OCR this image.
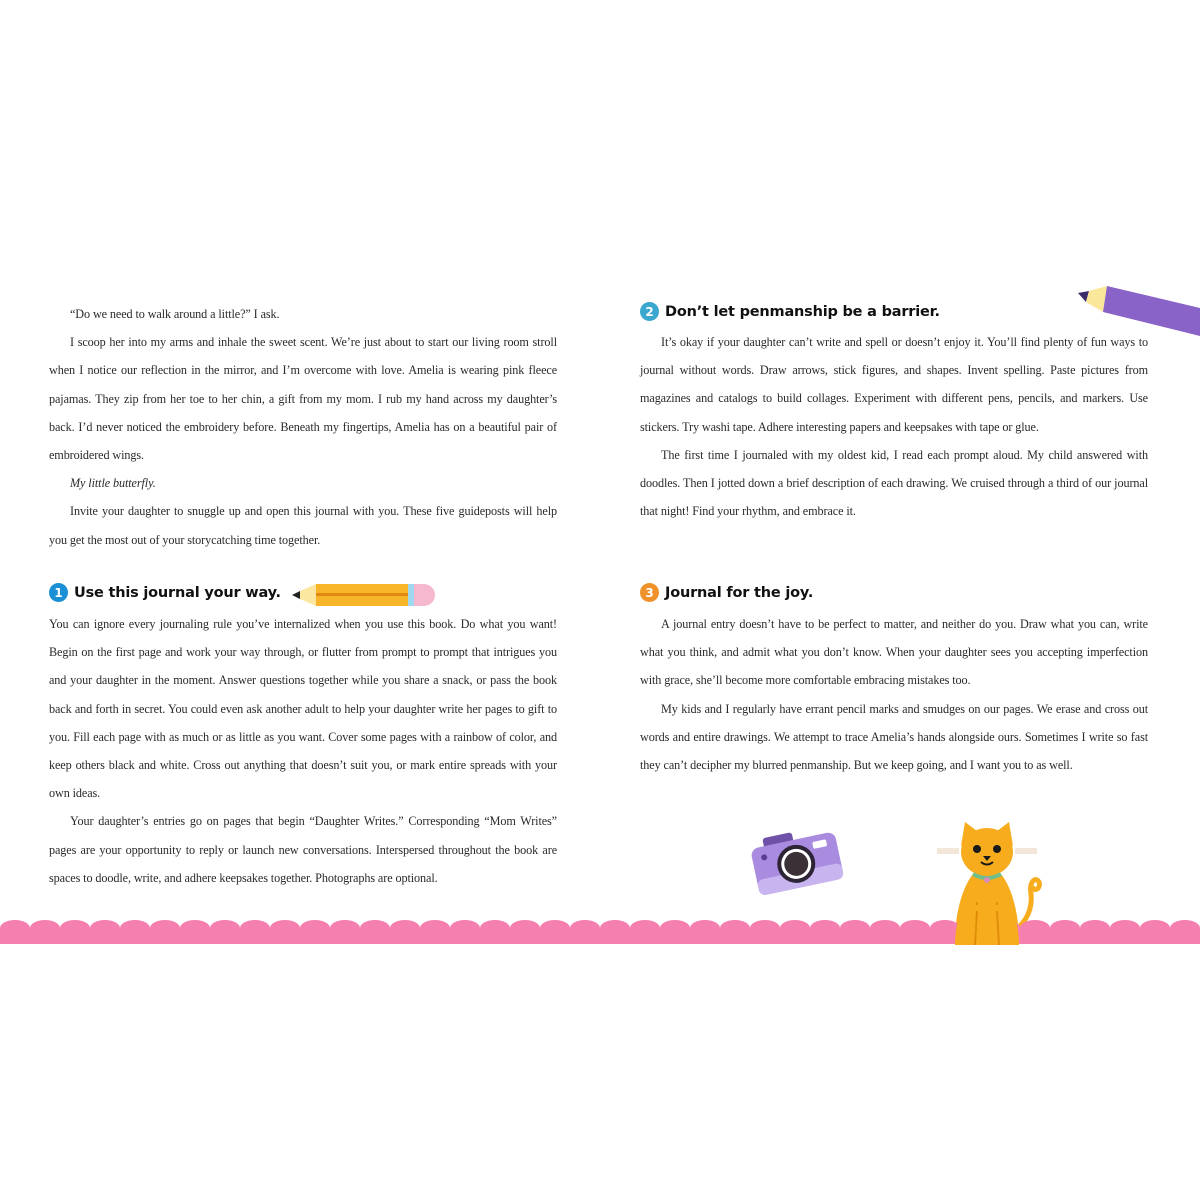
“Do we need to walk around a little?” I ask.

I scoop her into my arms and inhale the sweet scent. We’re just about to start our living room stroll when I notice our reflection in the mirror, and I’m overcome with love. Amelia is wearing pink fleece pajamas. They zip from her toe to her chin, a gift from my mom. I rub my hand across my daughter’s back. I’d never noticed the embroidery before. Beneath my fingertips, Amelia has on a beautiful pair of embroidered wings.

My little butterfly.

Invite your daughter to snuggle up and open this journal with you. These five guideposts will help you get the most out of your storycatching time together.

1 Use this journal your way.

You can ignore every journaling rule you’ve internalized when you use this book. Do what you want! Begin on the first page and work your way through, or flutter from prompt to prompt that intrigues you and your daughter in the moment. Answer questions together while you share a snack, or pass the book back and forth in secret. You could even ask another adult to help your daughter write her pages to gift to you. Fill each page with as much or as little as you want. Cover some pages with a rainbow of color, and keep others black and white. Cross out anything that doesn’t suit you, or mark entire spreads with your own ideas.

Your daughter’s entries go on pages that begin “Daughter Writes.” Corresponding “Mom Writes” pages are your opportunity to reply or launch new conversations. Interspersed throughout the book are spaces to doodle, write, and adhere keepsakes together. Photographs are optional.

2 Don’t let penmanship be a barrier.

It’s okay if your daughter can’t write and spell or doesn’t enjoy it. You’ll find plenty of fun ways to journal without words. Draw arrows, stick figures, and shapes. Invent spelling. Paste pictures from magazines and catalogs to build collages. Experiment with different pens, pencils, and markers. Use stickers. Try washi tape. Adhere interesting papers and keepsakes with tape or glue.

The first time I journaled with my oldest kid, I read each prompt aloud. My child answered with doodles. Then I jotted down a brief description of each drawing. We cruised through a third of our journal that night! Find your rhythm, and embrace it.

3 Journal for the joy.

A journal entry doesn’t have to be perfect to matter, and neither do you. Draw what you can, write what you think, and admit what you don’t know. When your daughter sees you accepting imperfection with grace, she’ll become more comfortable embracing mistakes too.

My kids and I regularly have errant pencil marks and smudges on our pages. We erase and cross out words and entire drawings. We attempt to trace Amelia’s hands alongside ours. Sometimes I write so fast they can’t decipher my blurred penmanship. But we keep going, and I want you to as well.
